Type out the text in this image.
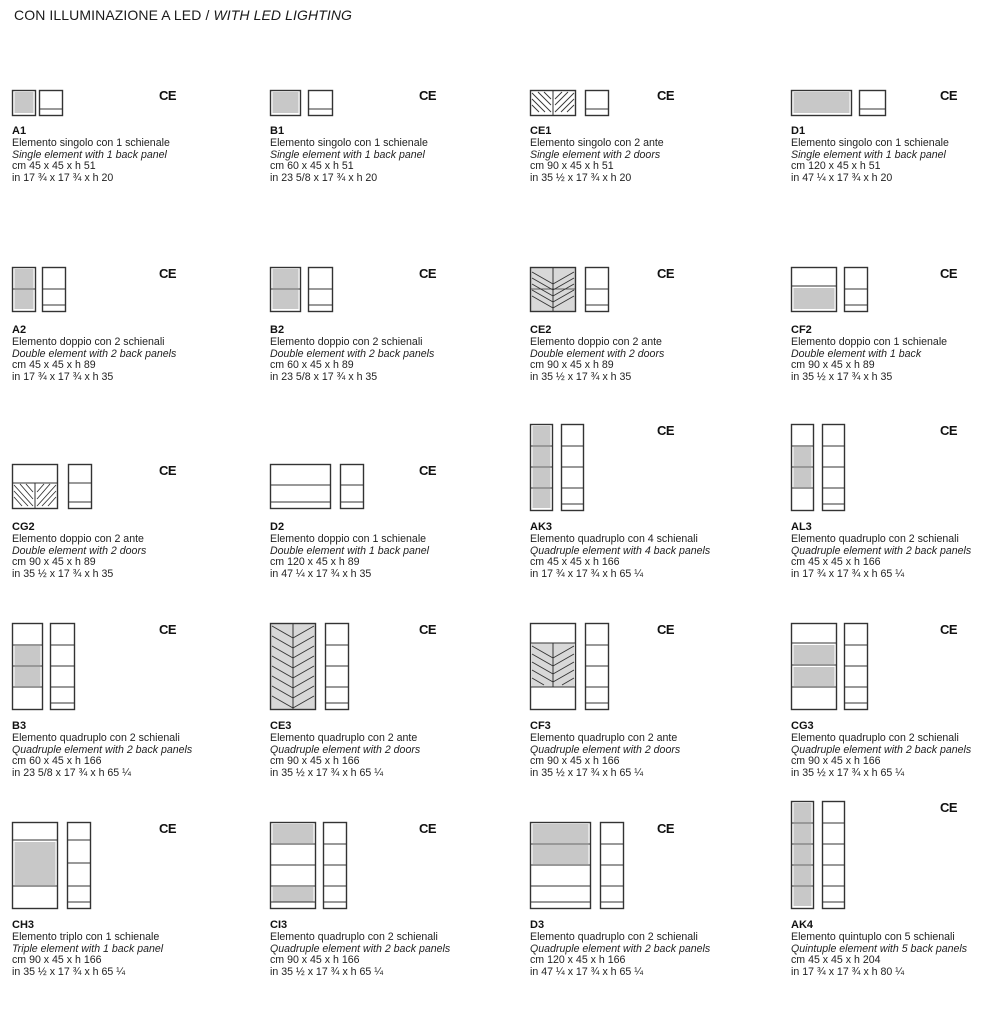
CON ILLUMINAZIONE A LED / WITH LED LIGHTING
CE
A1
Elemento singolo con 1 schienale
Single element with 1 back panel
cm 45 x 45 x h 51
in 17 ¾ x 17 ¾ x h 20
CE
B1
Elemento singolo con 1 schienale
Single element with 1 back panel
cm 60 x 45 x h 51
in 23 5/8 x 17 ¾ x h 20
CE
CE1
Elemento singolo con 2 ante
Single element with 2 doors
cm 90 x 45 x h 51
in 35 ½ x 17 ¾ x h 20
CE
D1
Elemento singolo con 1 schienale
Single element with 1 back panel
cm 120 x 45 x h 51
in 47 ¼ x 17 ¾ x h 20
CE
A2
Elemento doppio con 2 schienali
Double element with 2 back panels
cm 45 x 45 x h 89
in 17 ¾ x 17 ¾ x h 35
CE
B2
Elemento doppio con 2 schienali
Double element with 2 back panels
cm 60 x 45 x h 89
in 23 5/8 x 17 ¾ x h 35
CE
CE2
Elemento doppio con 2 ante
Double element with 2 doors
cm 90 x 45 x h 89
in 35 ½ x 17 ¾ x h 35
CE
CF2
Elemento doppio con 1 schienale
Double element with 1 back
cm 90 x 45 x h 89
in 35 ½ x 17 ¾ x h 35
CE
CG2
Elemento doppio con 2 ante
Double element with 2 doors
cm 90 x 45 x h 89
in 35 ½ x 17 ¾ x h 35
CE
D2
Elemento doppio con 1 schienale
Double element with 1 back panel
cm 120 x 45 x h 89
in 47 ¼ x 17 ¾ x h 35
CE
AK3
Elemento quadruplo con 4 schienali
Quadruple element with 4 back panels
cm 45 x 45 x h 166
in 17 ¾ x 17 ¾ x h 65 ¼
CE
AL3
Elemento quadruplo con 2 schienali
Quadruple element with 2 back panels
cm 45 x 45 x h 166
in 17 ¾ x 17 ¾ x h 65 ¼
CE
B3
Elemento quadruplo con 2 schienali
Quadruple element with 2 back panels
cm 60 x 45 x h 166
in 23 5/8 x 17 ¾ x h 65 ¼
CE
CE3
Elemento quadruplo con 2 ante
Quadruple element with 2 doors
cm 90 x 45 x h 166
in 35 ½ x 17 ¾ x h 65 ¼
CE
CF3
Elemento quadruplo con 2 ante
Quadruple element with 2 doors
cm 90 x 45 x h 166
in 35 ½ x 17 ¾ x h 65 ¼
CE
CG3
Elemento quadruplo con 2 schienali
Quadruple element with 2 back panels
cm 90 x 45 x h 166
in 35 ½ x 17 ¾ x h 65 ¼
CE
CH3
Elemento triplo con 1 schienale
Triple element with 1 back panel
cm 90 x 45 x h 166
in 35 ½ x 17 ¾ x h 65 ¼
CE
CI3
Elemento quadruplo con 2 schienali
Quadruple element with 2 back panels
cm 90 x 45 x h 166
in 35 ½ x 17 ¾ x h 65 ¼
CE
D3
Elemento quadruplo con 2 schienali
Quadruple element with 2 back panels
cm 120 x 45 x h 166
in 47 ¼ x 17 ¾ x h 65 ¼
CE
AK4
Elemento quintuplo con 5 schienali
Quintuple element with 5 back panels
cm 45 x 45 x h 204
in 17 ¾ x 17 ¾ x h 80 ¼
